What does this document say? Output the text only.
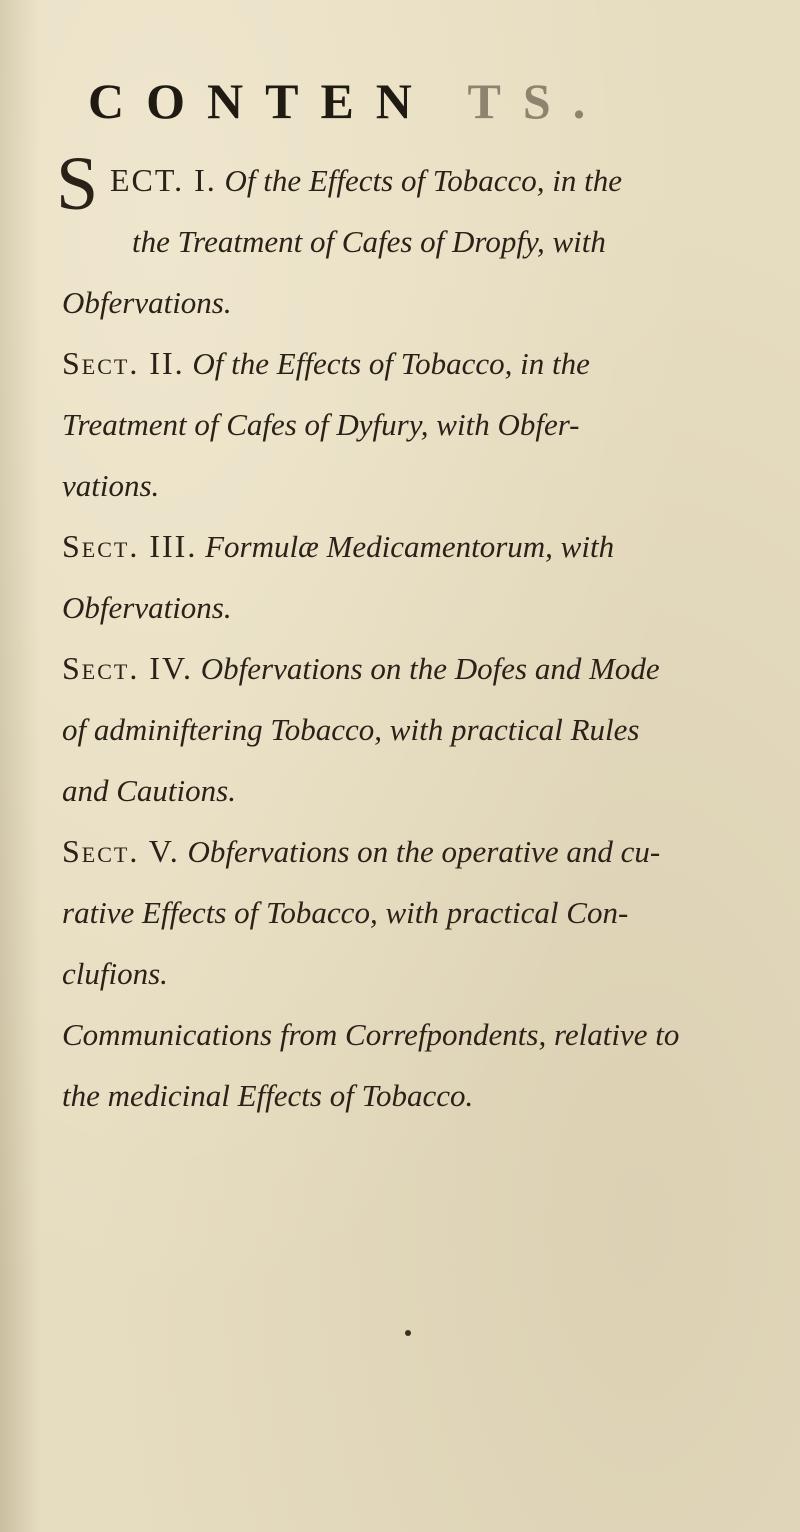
CONTEN TS.
S ECT. I. Of the Effects of Tobacco, in the
the Treatment of Cafes of Dropfy, with
Obfervations.
Sect. II. Of the Effects of Tobacco, in the
Treatment of Cafes of Dyfury, with Obfer-
vations.
Sect. III. Formulæ Medicamentorum, with
Obfervations.
Sect. IV. Obfervations on the Dofes and Mode
of adminiftering Tobacco, with practical Rules
and Cautions.
Sect. V. Obfervations on the operative and cu-
rative Effects of Tobacco, with practical Con-
clufions.
Communications from Correfpondents, relative to
the medicinal Effects of Tobacco.
